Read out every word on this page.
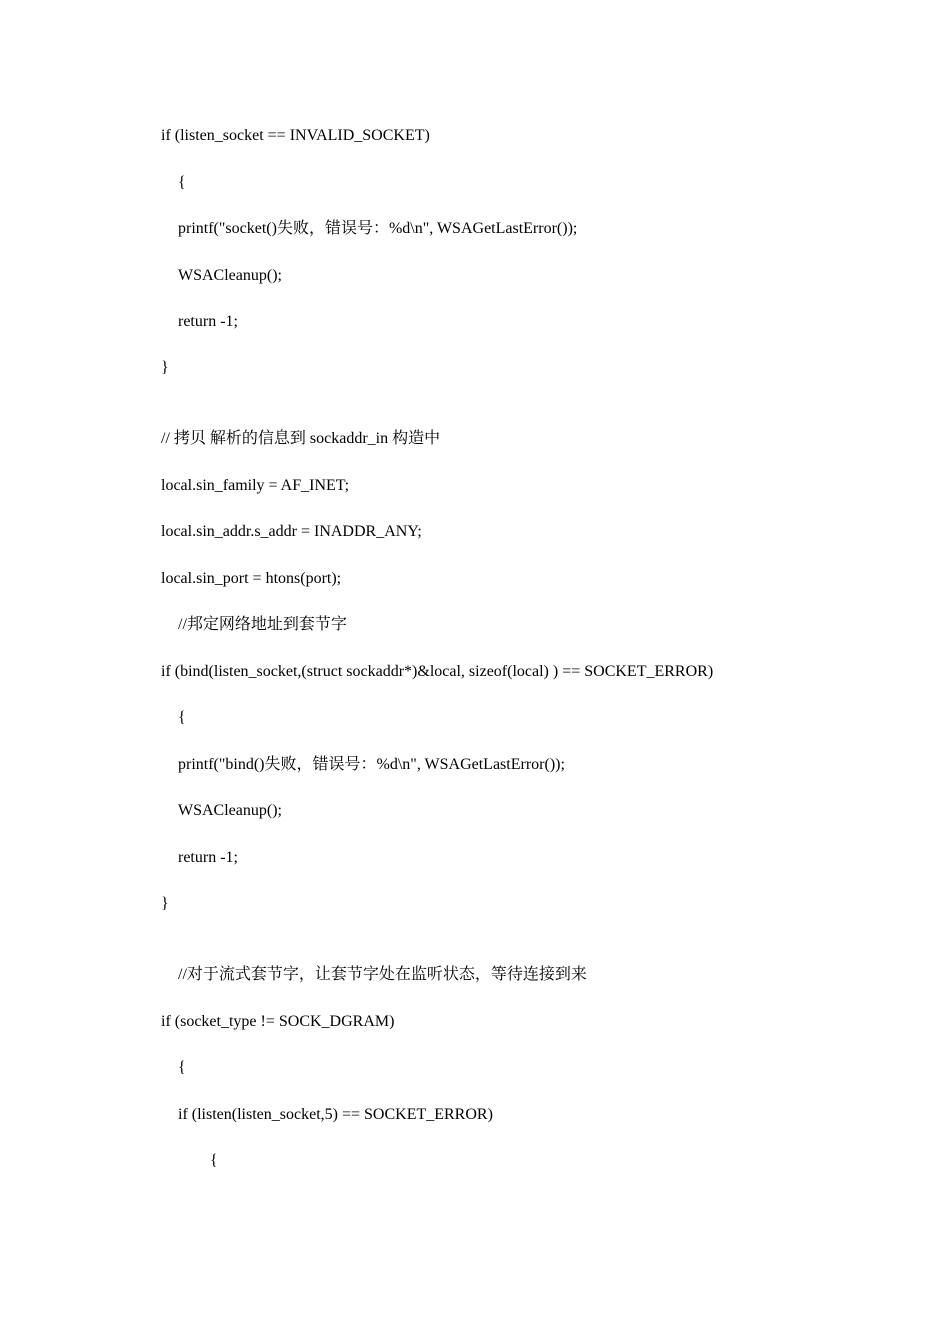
if (listen_socket == INVALID_SOCKET)
{
printf("socket()失败，错误号：%d\n", WSAGetLastError());
WSACleanup();
return -1;
}
// 拷贝 解析的信息到 sockaddr_in 构造中
local.sin_family = AF_INET;
local.sin_addr.s_addr = INADDR_ANY;
local.sin_port = htons(port);
//邦定网络地址到套节字
if (bind(listen_socket,(struct sockaddr*)&local, sizeof(local) ) == SOCKET_ERROR)
{
printf("bind()失败，错误号：%d\n", WSAGetLastError());
WSACleanup();
return -1;
}
//对于流式套节字，让套节字处在监听状态，等待连接到来
if (socket_type != SOCK_DGRAM)
{
if (listen(listen_socket,5) == SOCKET_ERROR)
{
